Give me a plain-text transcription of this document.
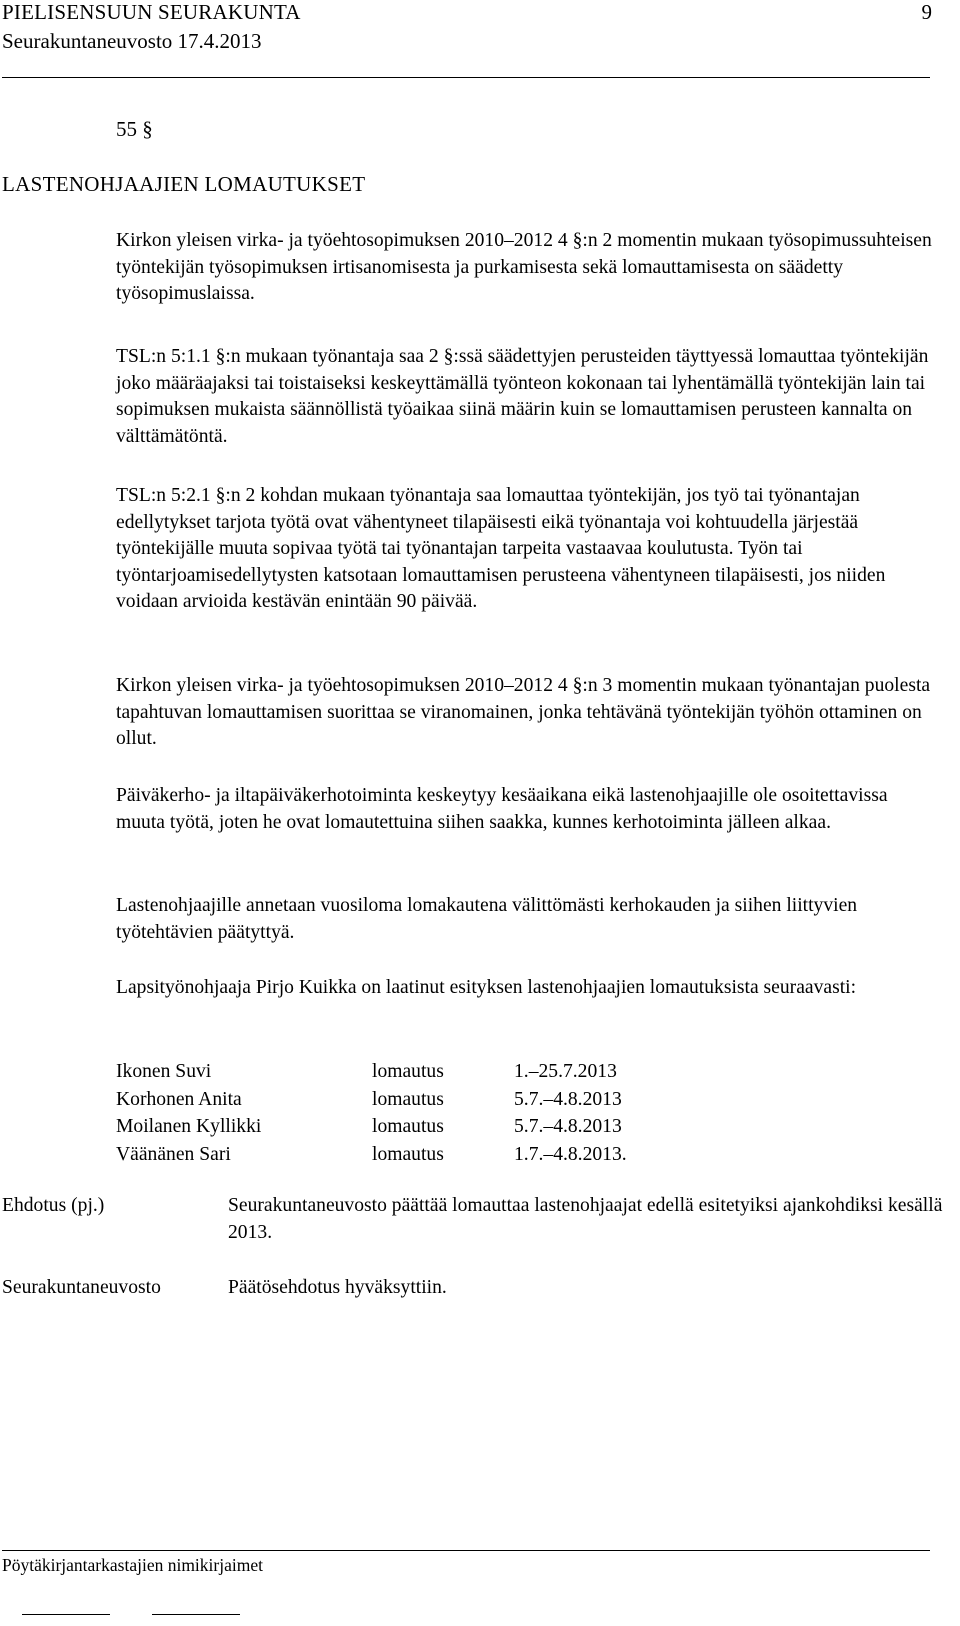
PIELISENSUUN SEURAKUNTA
Seurakuntaneuvosto 17.4.2013
9
55 §
LASTENOHJAAJIEN LOMAUTUKSET

Kirkon yleisen virka- ja työehtosopimuksen 2010–2012 4 §:n 2 momentin mukaan työsopimussuhteisen työntekijän työsopimuksen irtisanomisesta ja purkamisesta sekä lomauttamisesta on säädetty työsopimuslaissa.

TSL:n 5:1.1 §:n mukaan työnantaja saa 2 §:ssä säädettyjen perusteiden täyttyessä lomauttaa työntekijän joko määräajaksi tai toistaiseksi keskeyttämällä työnteon kokonaan tai lyhentämällä työntekijän lain tai sopimuksen mukaista säännöllistä työaikaa siinä määrin kuin se lomauttamisen perusteen kannalta on välttämätöntä.

TSL:n 5:2.1 §:n 2 kohdan mukaan työnantaja saa lomauttaa työntekijän, jos työ tai työnantajan edellytykset tarjota työtä ovat vähentyneet tilapäisesti eikä työnantaja voi kohtuudella järjestää työntekijälle muuta sopivaa työtä tai työnantajan tarpeita vastaavaa koulutusta. Työn tai työntarjoamisedellytysten katsotaan lomauttamisen perusteena vähentyneen tilapäisesti, jos niiden voidaan arvioida kestävän enintään 90 päivää.

Kirkon yleisen virka- ja työehtosopimuksen 2010–2012 4 §:n 3 momentin mukaan työnantajan puolesta tapahtuvan lomauttamisen suorittaa se viranomainen, jonka tehtävänä työntekijän työhön ottaminen on ollut.

Päiväkerho- ja iltapäiväkerhotoiminta keskeytyy kesäaikana eikä lastenohjaajille ole osoitettavissa muuta työtä, joten he ovat lomautettuina siihen saakka, kunnes kerhotoiminta jälleen alkaa.

Lastenohjaajille annetaan vuosiloma lomakautena välittömästi kerhokauden ja siihen liittyvien työtehtävien päätyttyä.

Lapsityönohjaaja Pirjo Kuikka on laatinut esityksen lastenohjaajien lomautuksista seuraavasti:

Ikonen Suvi	lomautus	1.–25.7.2013
Korhonen Anita	lomautus	5.7.–4.8.2013
Moilanen Kyllikki	lomautus	5.7.–4.8.2013
Väänänen Sari	lomautus	1.7.–4.8.2013.
Ehdotus (pj.)	Seurakuntaneuvosto päättää lomauttaa lastenohjaajat edellä esitetyiksi ajankohdiksi kesällä 2013.
Seurakuntaneuvosto	Päätösehdotus hyväksyttiin.
Pöytäkirjantarkastajien nimikirjaimet
